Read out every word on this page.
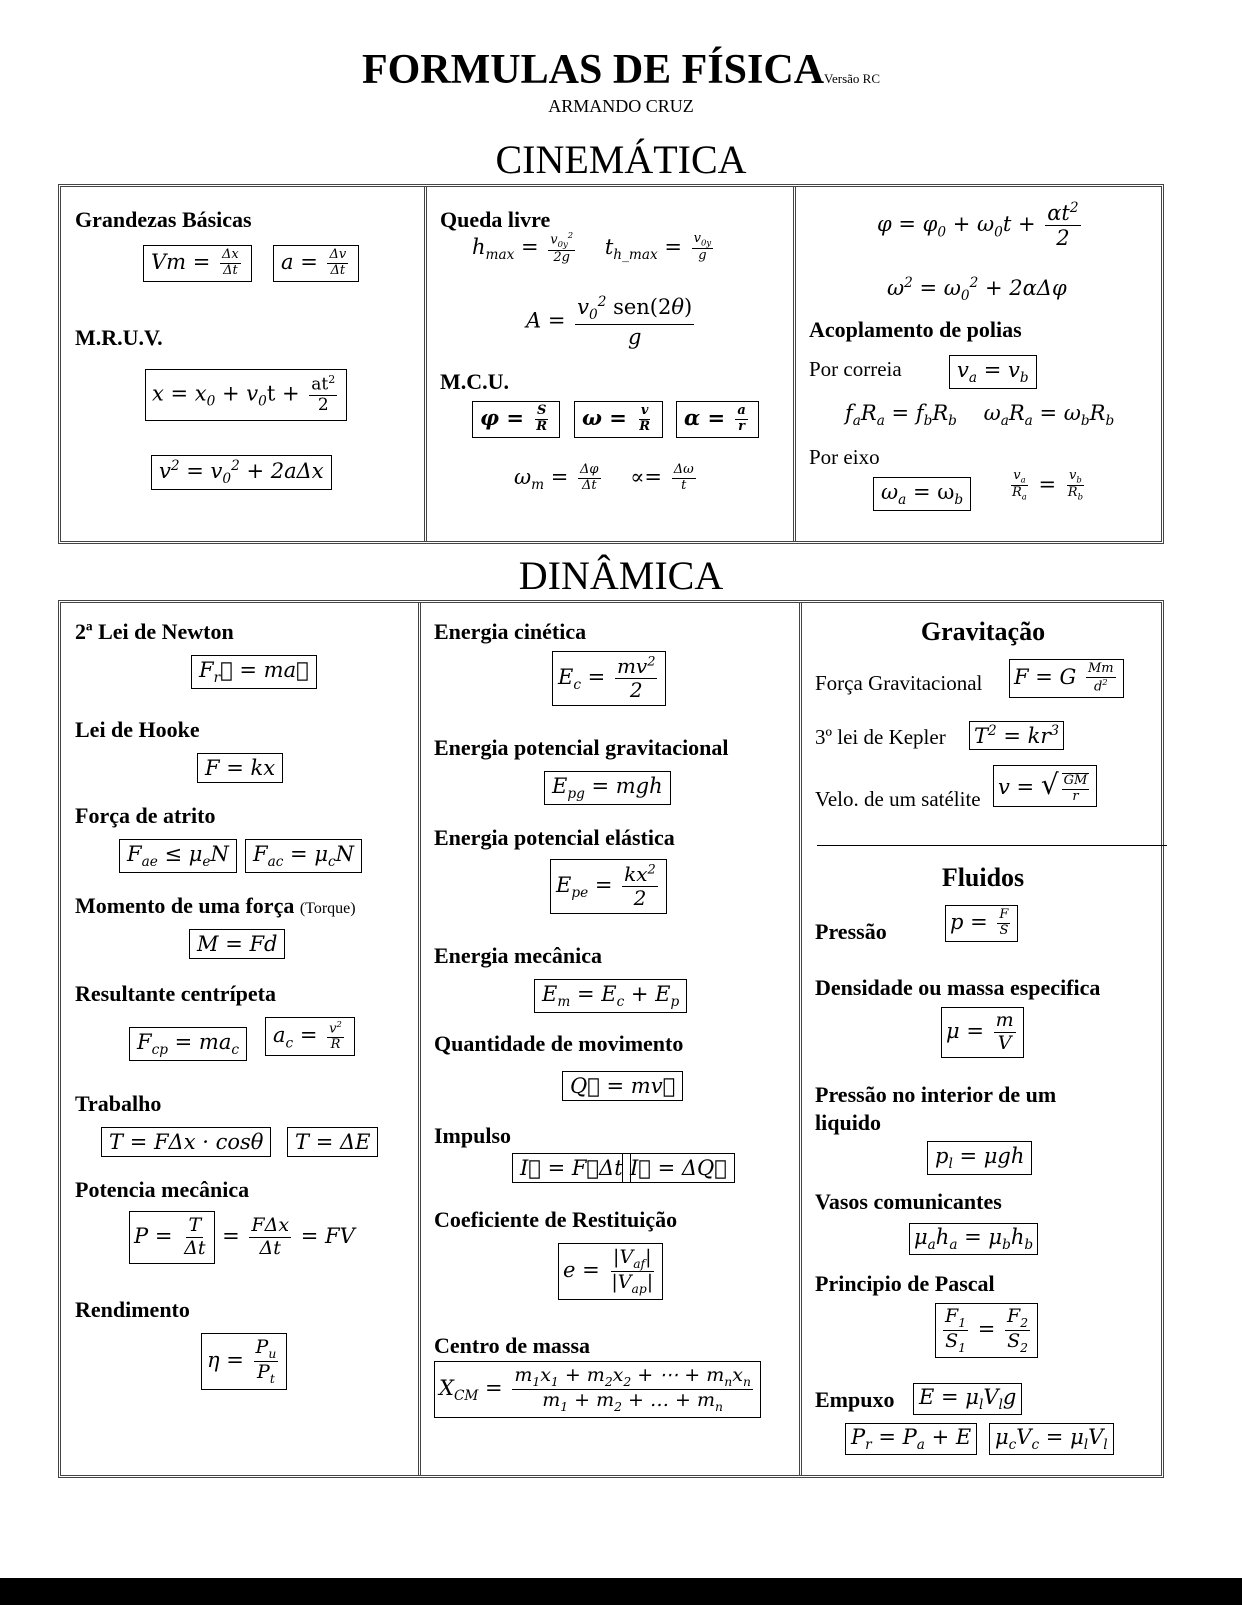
FORMULAS DE FÍSICAVersão RC
ARMANDO CRUZ
CINEMÁTICA
Grandezas Básicas
$Vm = \frac{\Delta x}{\Delta t}$	$a = \frac{\Delta v}{\Delta t}$
M.R.U.V.
$x = x_0 + v_0t + \frac{at^2}{2}$
$v^2 = v_0^2 + 2a\Delta x$
Queda livre
$h_{max} = \frac{v_{0y}^2}{2g} t_{h\_max} = \frac{v_{0y}}{g}$
$A = \frac{v_0^2 sen(2\theta)}{g}$
M.C.U.
$\varphi = \frac{S}{R}$	$\omega = \frac{v}{R}$	$\alpha = \frac{a}{r}$
$\omega_m = \frac{\Delta\varphi}{\Delta t} \propto= \frac{\Delta\omega}{t}$
$\varphi = \varphi_0 + \omega_0t + \frac{\alpha t^2}{2}$
$\omega^2 = \omega_0^2 + 2\alpha\Delta\varphi$
Acoplamento de polias
Por correia	$v_a = v_b$
$f_aR_a = f_bR_b$ $\omega_aR_a = \omega_bR_b$
Por eixo
$\omega_a = \omega_b$	$\frac{v_a}{R_a} = \frac{v_b}{R_b}$
DINÂMICA
2ª Lei de Newton
$F_r⃗$ = ma
Lei de Hooke
F = kx
Força de atrito
$F_{ae} \le \mu_eN$	$F_{ac} = \mu_cN$
Momento de uma força (Torque)
M = Fd
Resultante centrípeta
$F_{cp} = ma_c$
$a_c = \frac{v^2}{R}$
Trabalho
T = FΔx · cosθ	T = ΔE
Potencia mecânica
$P = \frac{T}{\Delta t} = \frac{\text{FΔx}}{\Delta t}$ = FV
Rendimento
$\eta = \frac{P_u}{P_t}$
Energia cinética
$E_c = \frac{mv^2}{2}$
Energia potencial gravitacional
$E_{pg}$ = mgh
Energia potencial elástica
$E_{pe} = \frac{kx^2}{2}$
Energia mecânica
$E_m = E_c + E_p$
Quantidade de movimento
Q⃗ = mv
Impulso
I⃗ = F⃗Δt I⃗ = ΔQ
Coeficiente de Restituição
$e = \frac{|V_{af}|}{|V_{ap}|}$
Centro de massa
$X_{CM} = \frac{m_1x_1 + m_2x_2 + \cdots + m_nx_n}{m_1 + m_2 + \dots + m_n}$
Gravitação
Força Gravitacional F = G $\frac{Mm}{d^2}$
3º lei de Kepler $T^2 = kr^3$
Velo. de um satélite v = √ $\frac{GM}{r}$
Fluidos
Pressão	$p = \frac{F}{S}$
Densidade ou massa especifica
$\mu = \frac{m}{V}$
Pressão no interior de um liquido
$p_l = \mu gh$
Vasos comunicantes
$\mu_ah_a = \mu_bh_b$
Principio de Pascal
$\frac{F_1}{S_1} = \frac{F_2}{S_2}$
Empuxo $E = \mu_lV_lg$
$P_r = P_a + E$ $\mu_cV_c = \mu_lV_l$
